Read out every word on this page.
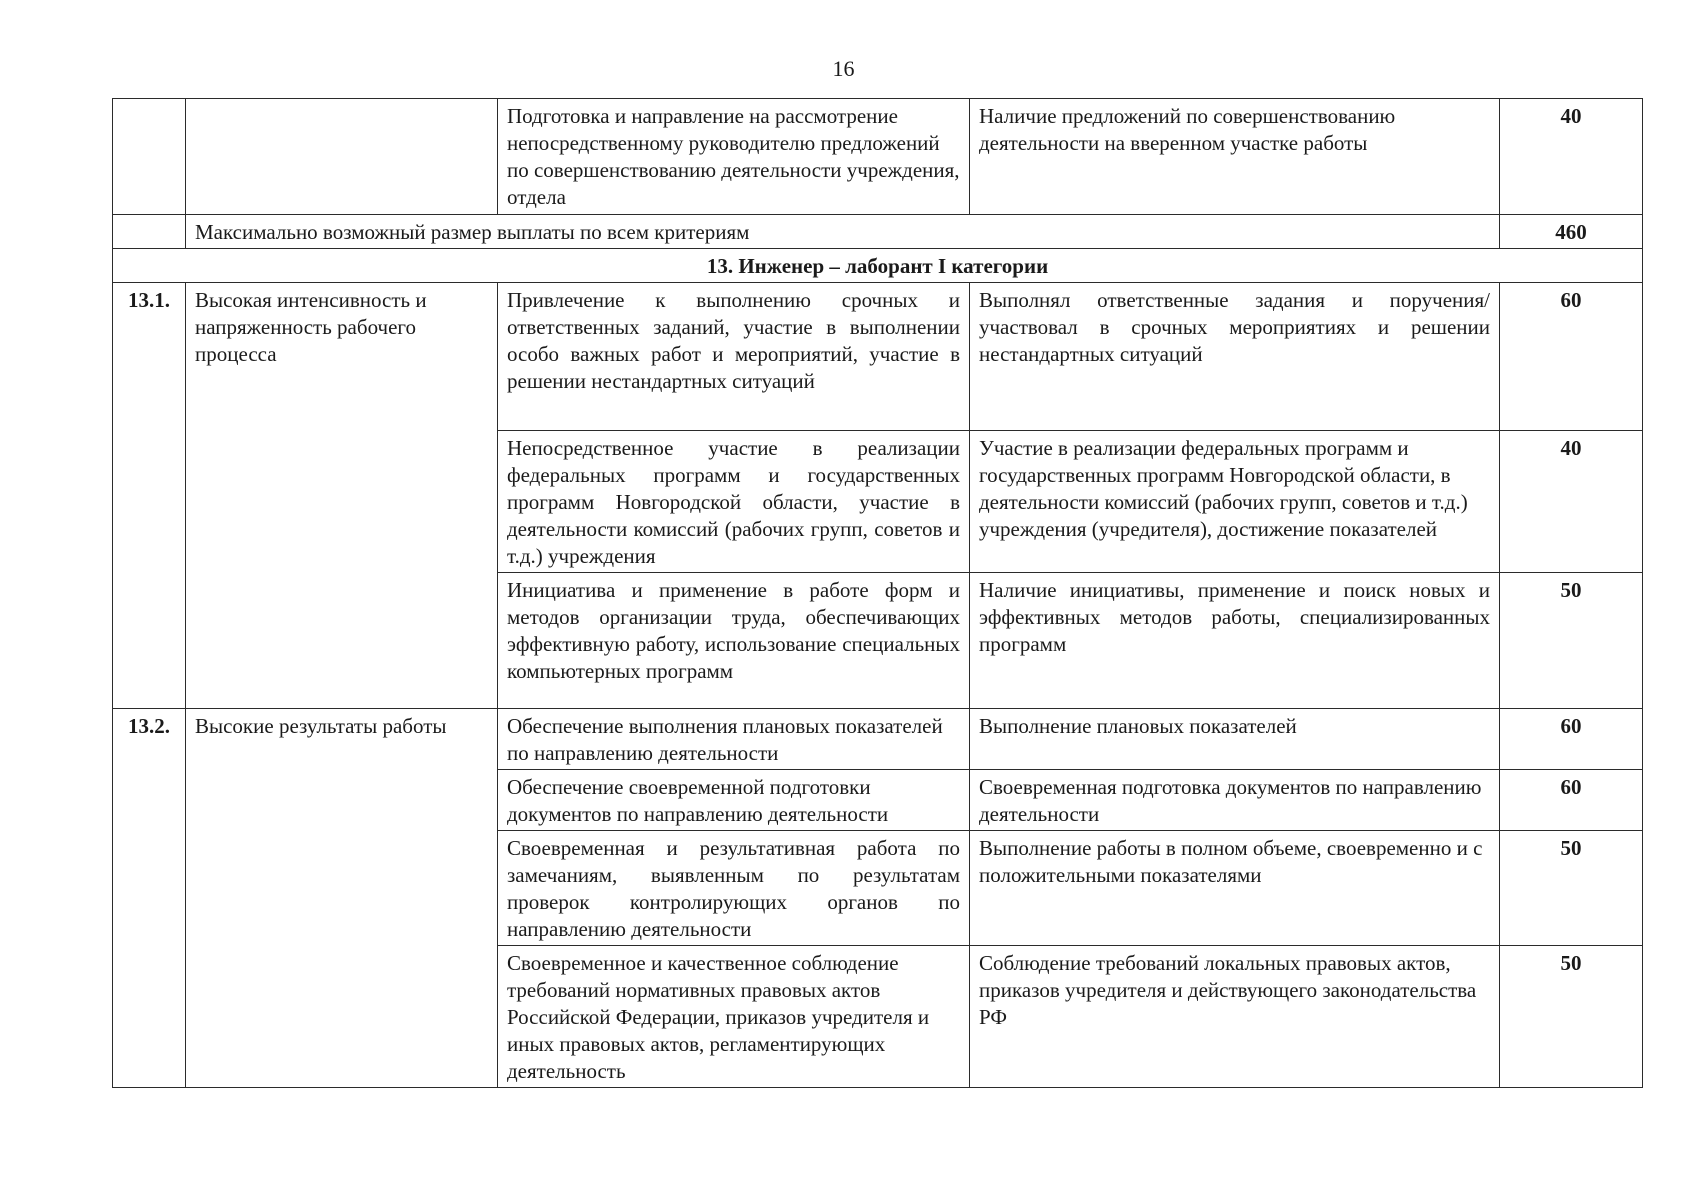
16
		Подготовка и направление на рассмотрение непосредственному руководителю предложений по совершенствованию деятельности учреждения, отдела	Наличие предложений по совершенствованию деятельности на вверенном участке работы	40
	Максимально возможный размер выплаты по всем критериям			460
13. Инженер – лаборант I категории				
13.1.	Высокая интенсивность и напряженность рабочего процесса	Привлечение к выполнению срочных и ответственных заданий, участие в выполнении особо важных работ и мероприятий, участие в решении нестандартных ситуаций	Выполнял ответственные задания и поручения/участвовал в срочных мероприятиях и решении нестандартных ситуаций	60
		Непосредственное участие в реализации федеральных программ и государственных программ Новгородской области, участие в деятельности комиссий (рабочих групп, советов и т.д.) учреждения	Участие в реализации федеральных программ и государственных программ Новгородской области, в деятельности комиссий (рабочих групп, советов и т.д.) учреждения (учредителя), достижение показателей	40
		Инициатива и применение в работе форм и методов организации труда, обеспечивающих эффективную работу, использование специальных компьютерных программ	Наличие инициативы, применение и поиск новых и эффективных методов работы, специализированных программ	50
13.2.	Высокие результаты работы	Обеспечение выполнения плановых показателей по направлению деятельности	Выполнение плановых показателей	60
		Обеспечение своевременной подготовки документов по направлению деятельности	Своевременная подготовка документов по направлению деятельности	60
		Своевременная и результативная работа по замечаниям, выявленным по результатам проверок контролирующих органов по направлению деятельности	Выполнение работы в полном объеме, своевременно и с положительными показателями	50
		Своевременное и качественное соблюдение требований нормативных правовых актов Российской Федерации, приказов учредителя и иных правовых актов, регламентирующих деятельность	Соблюдение требований локальных правовых актов, приказов учредителя и действующего законодательства РФ	50
